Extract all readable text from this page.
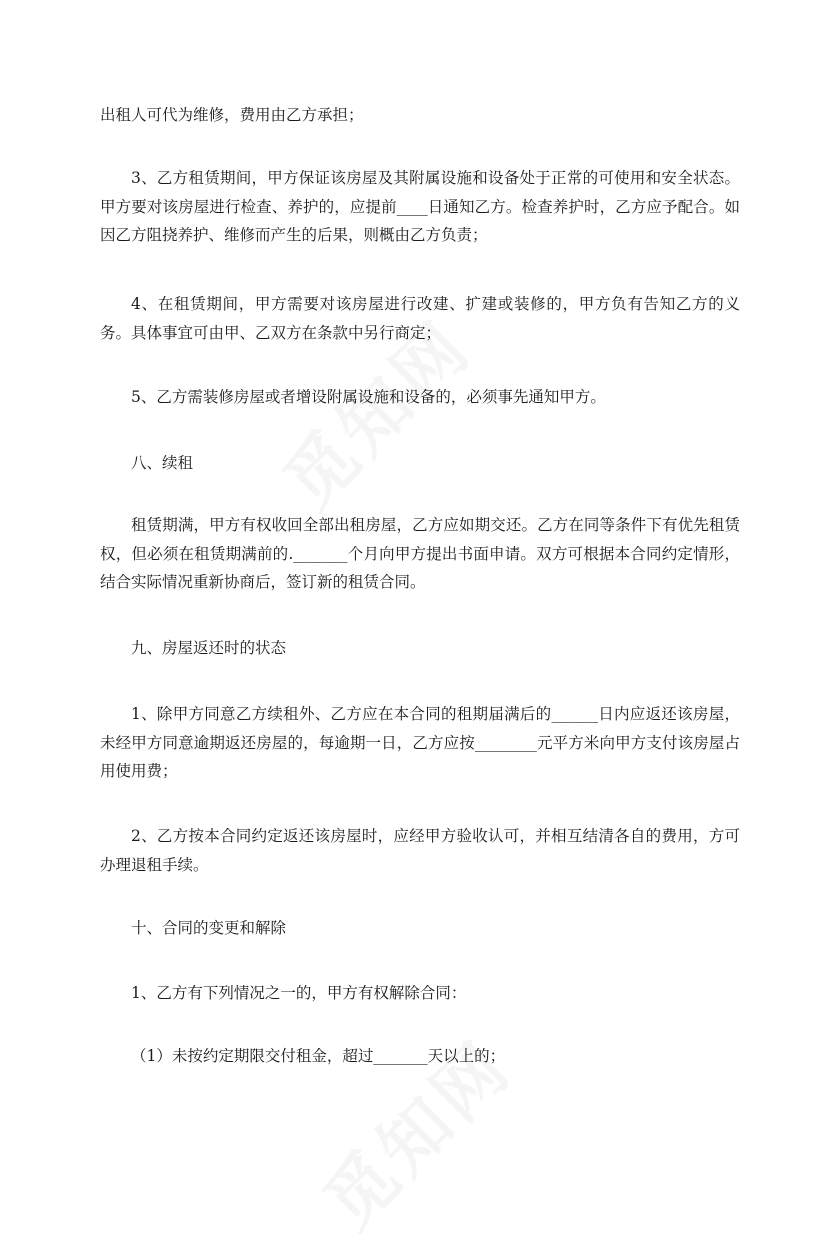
出租人可代为维修，费用由乙方承担；

3、乙方租赁期间，甲方保证该房屋及其附属设施和设备处于正常的可使用和安全状态。甲方要对该房屋进行检查、养护的，应提前____日通知乙方。检查养护时，乙方应予配合。如因乙方阻挠养护、维修而产生的后果，则概由乙方负责；

4、在租赁期间，甲方需要对该房屋进行改建、扩建或装修的，甲方负有告知乙方的义务。具体事宜可由甲、乙双方在条款中另行商定；

5、乙方需装修房屋或者增设附属设施和设备的，必须事先通知甲方。

八、续租

租赁期满，甲方有权收回全部出租房屋，乙方应如期交还。乙方在同等条件下有优先租赁权，但必须在租赁期满前的._______个月向甲方提出书面申请。双方可根据本合同约定情形，结合实际情况重新协商后，签订新的租赁合同。

九、房屋返还时的状态

1、除甲方同意乙方续租外、乙方应在本合同的租期届满后的______日内应返还该房屋，未经甲方同意逾期返还房屋的，每逾期一日，乙方应按________元平方米向甲方支付该房屋占用使用费；

2、乙方按本合同约定返还该房屋时，应经甲方验收认可，并相互结清各自的费用，方可办理退租手续。

十、合同的变更和解除

1、乙方有下列情况之一的，甲方有权解除合同：

（1）未按约定期限交付租金，超过_______天以上的；
